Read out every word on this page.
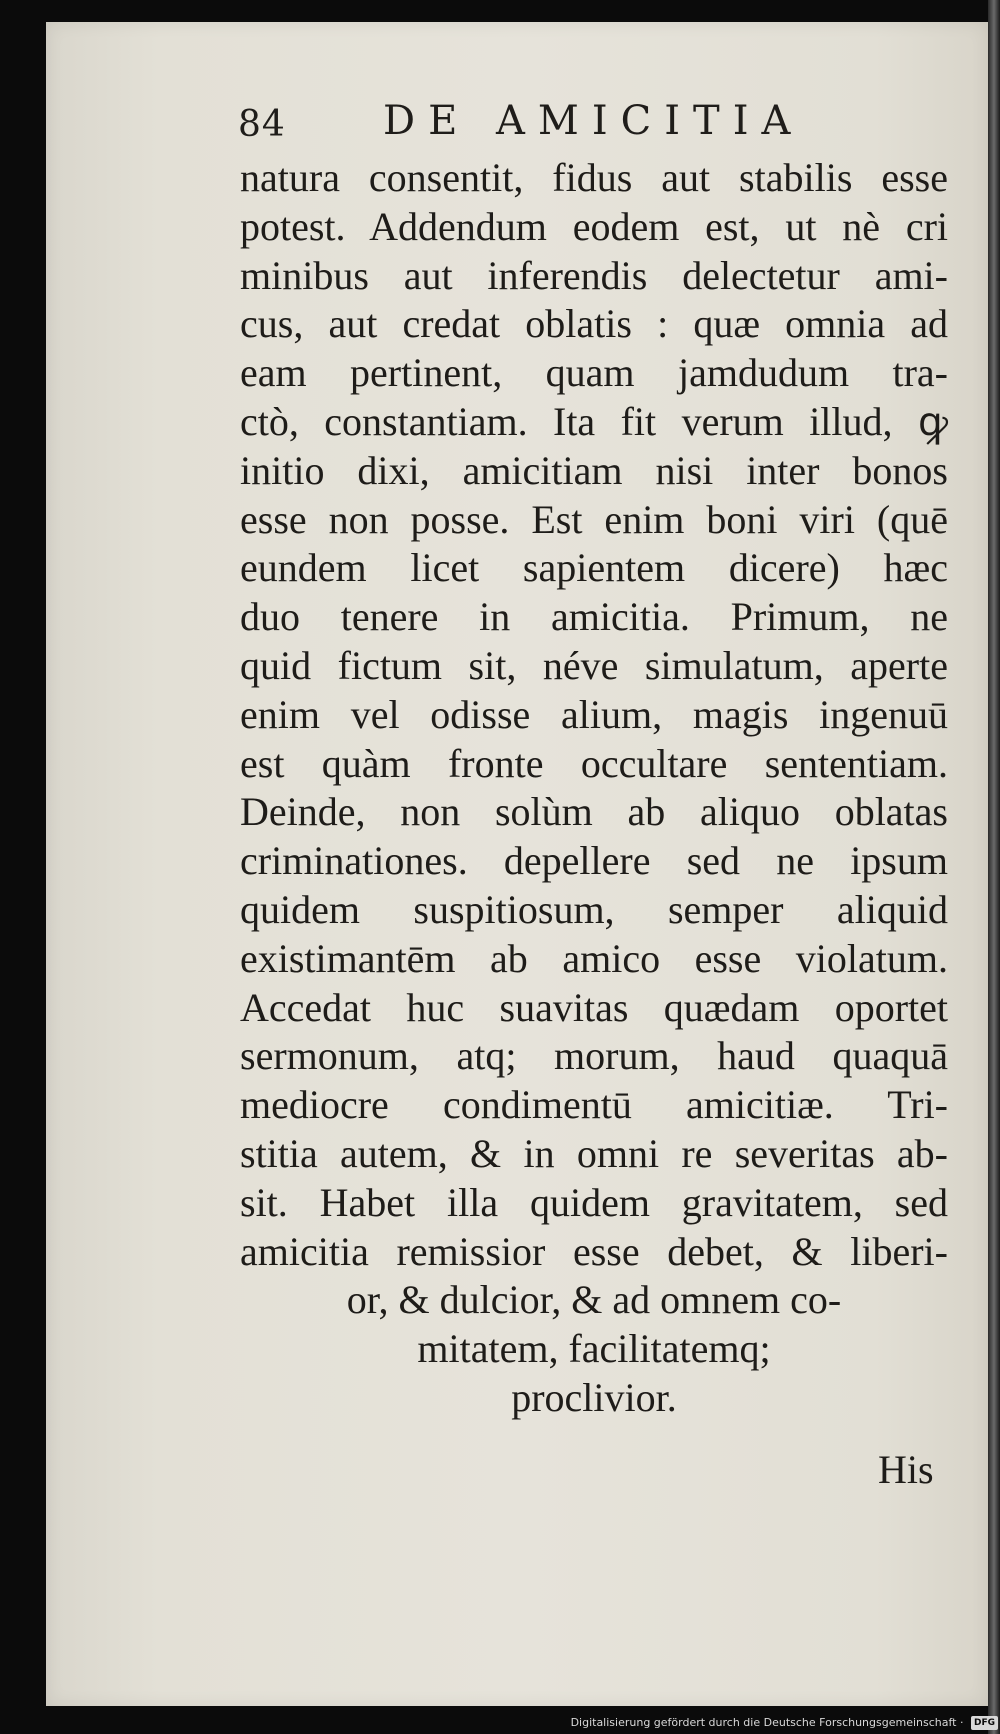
84 DE AMICITIA
natura consentit, fidus aut stabilis esse
potest. Addendum eodem est, ut nè cri
minibus aut inferendis delectetur ami-
cus, aut credat oblatis : quæ omnia ad
eam pertinent, quam jamdudum tra-
ctò, constantiam. Ita fit verum illud, ꝙ
initio dixi, amicitiam nisi inter bonos
esse non posse. Est enim boni viri (quē
eundem licet sapientem dicere) hæc
duo tenere in amicitia. Primum, ne
quid fictum sit, néve simulatum, aperte
enim vel odisse alium, magis ingenuū
est quàm fronte occultare sententiam.
Deinde, non solùm ab aliquo oblatas
criminationes. depellere sed ne ipsum
quidem suspitiosum, semper aliquid
existimantēm ab amico esse violatum.
Accedat huc suavitas quædam oportet
sermonum, atq; morum, haud quaquā
mediocre condimentū amicitiæ. Tri-
stitia autem, & in omni re severitas ab-
sit. Habet illa quidem gravitatem, sed
amicitia remissior esse debet, & liberi-
or, & dulcior, & ad omnem co-
mitatem, facilitatemq;
proclivior.
His
Digitalisierung gefördert durch die Deutsche Forschungsgemeinschaft · DFG
